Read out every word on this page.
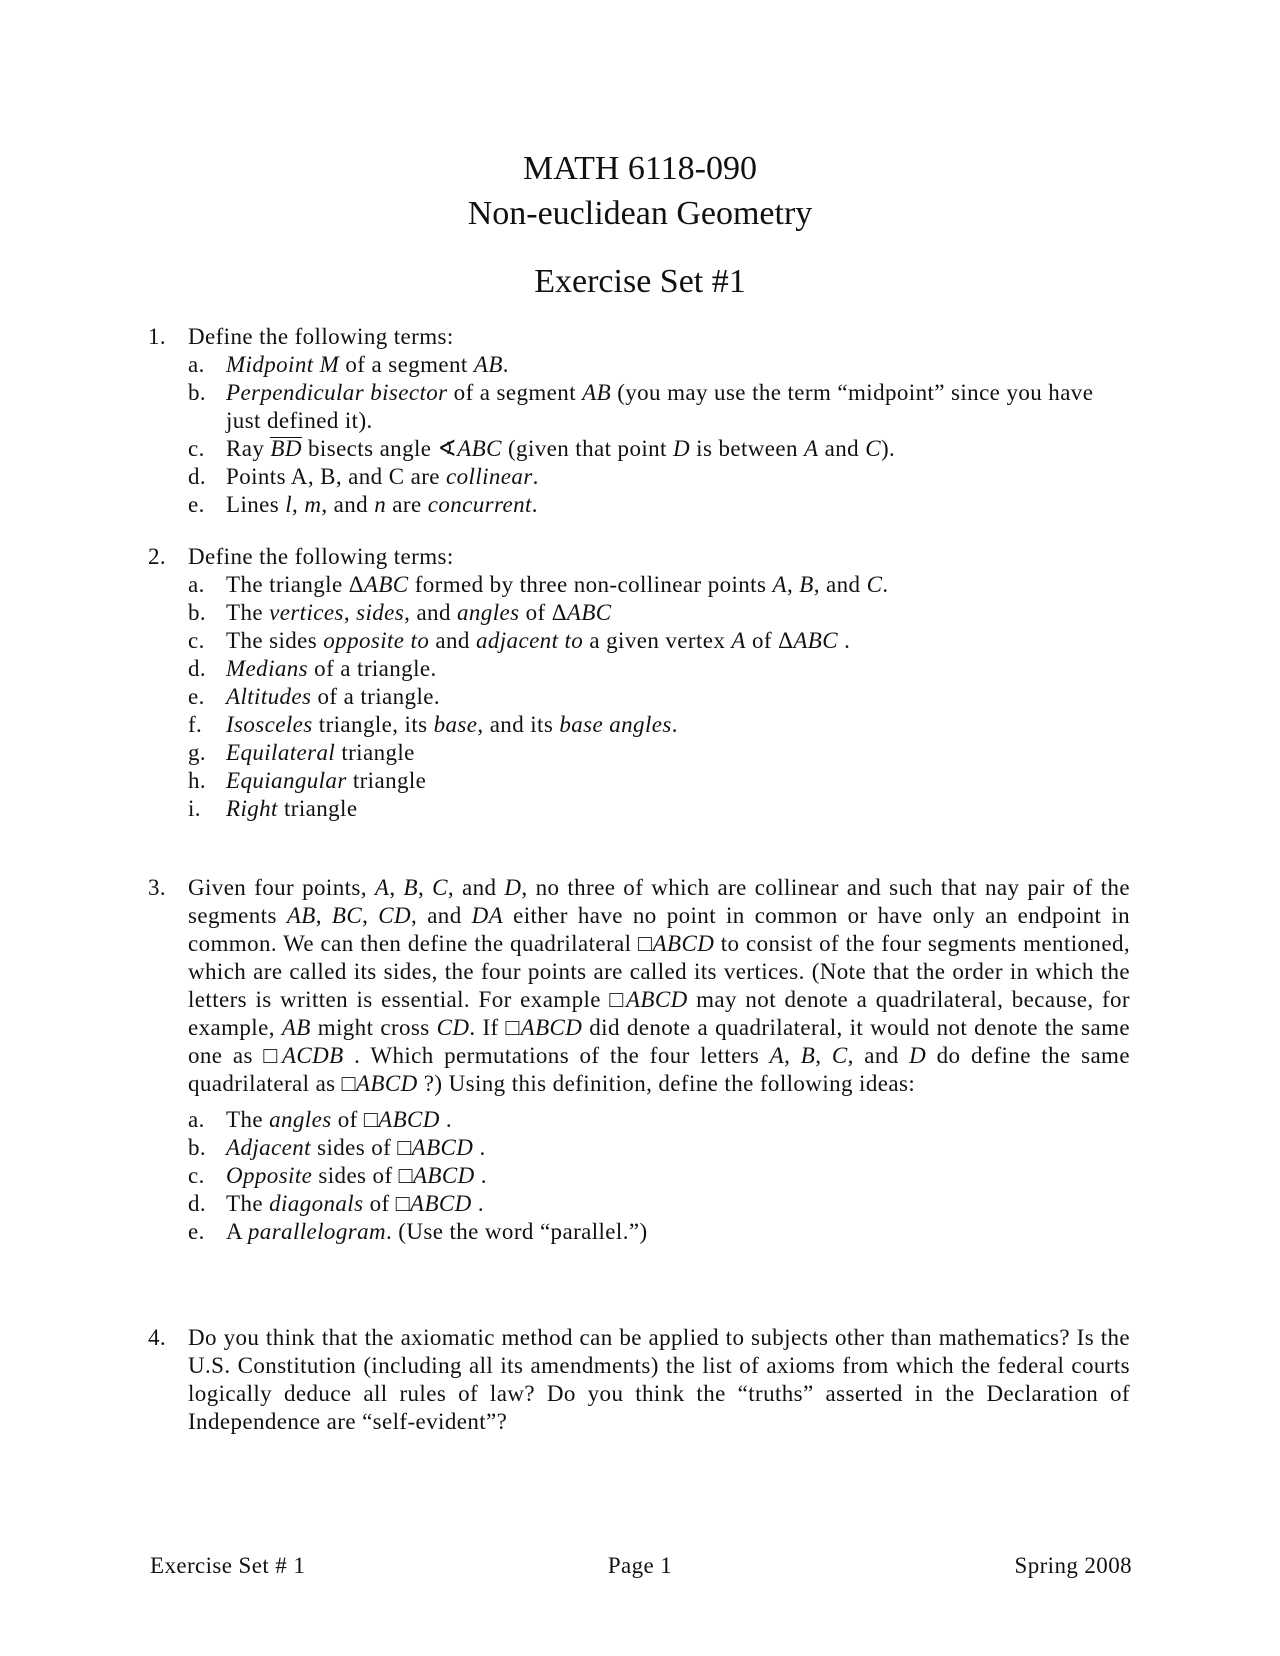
MATH 6118-090
Non-euclidean Geometry
Exercise Set #1
1. Define the following terms:
a. Midpoint M of a segment AB.
b. Perpendicular bisector of a segment AB (you may use the term “midpoint” since you have just defined it).
c. Ray BD bisects angle ∢ABC (given that point D is between A and C).
d. Points A, B, and C are collinear.
e. Lines l, m, and n are concurrent.
2. Define the following terms:
a. The triangle ΔABC formed by three non-collinear points A, B, and C.
b. The vertices, sides, and angles of ΔABC
c. The sides opposite to and adjacent to a given vertex A of ΔABC .
d. Medians of a triangle.
e. Altitudes of a triangle.
f. Isosceles triangle, its base, and its base angles.
g. Equilateral triangle
h. Equiangular triangle
i. Right triangle
3. Given four points, A, B, C, and D, no three of which are collinear and such that nay pair of the segments AB, BC, CD, and DA either have no point in common or have only an endpoint in common. We can then define the quadrilateral □ABCD to consist of the four segments mentioned, which are called its sides, the four points are called its vertices. (Note that the order in which the letters is written is essential. For example □ABCD may not denote a quadrilateral, because, for example, AB might cross CD. If □ABCD did denote a quadrilateral, it would not denote the same one as □ACDB . Which permutations of the four letters A, B, C, and D do define the same quadrilateral as □ABCD ?) Using this definition, define the following ideas:
a. The angles of □ABCD .
b. Adjacent sides of □ABCD .
c. Opposite sides of □ABCD .
d. The diagonals of □ABCD .
e. A parallelogram. (Use the word “parallel.”)
4. Do you think that the axiomatic method can be applied to subjects other than mathematics? Is the U.S. Constitution (including all its amendments) the list of axioms from which the federal courts logically deduce all rules of law? Do you think the “truths” asserted in the Declaration of Independence are “self-evident”?
Page 1
Exercise Set # 1	Spring 2008
